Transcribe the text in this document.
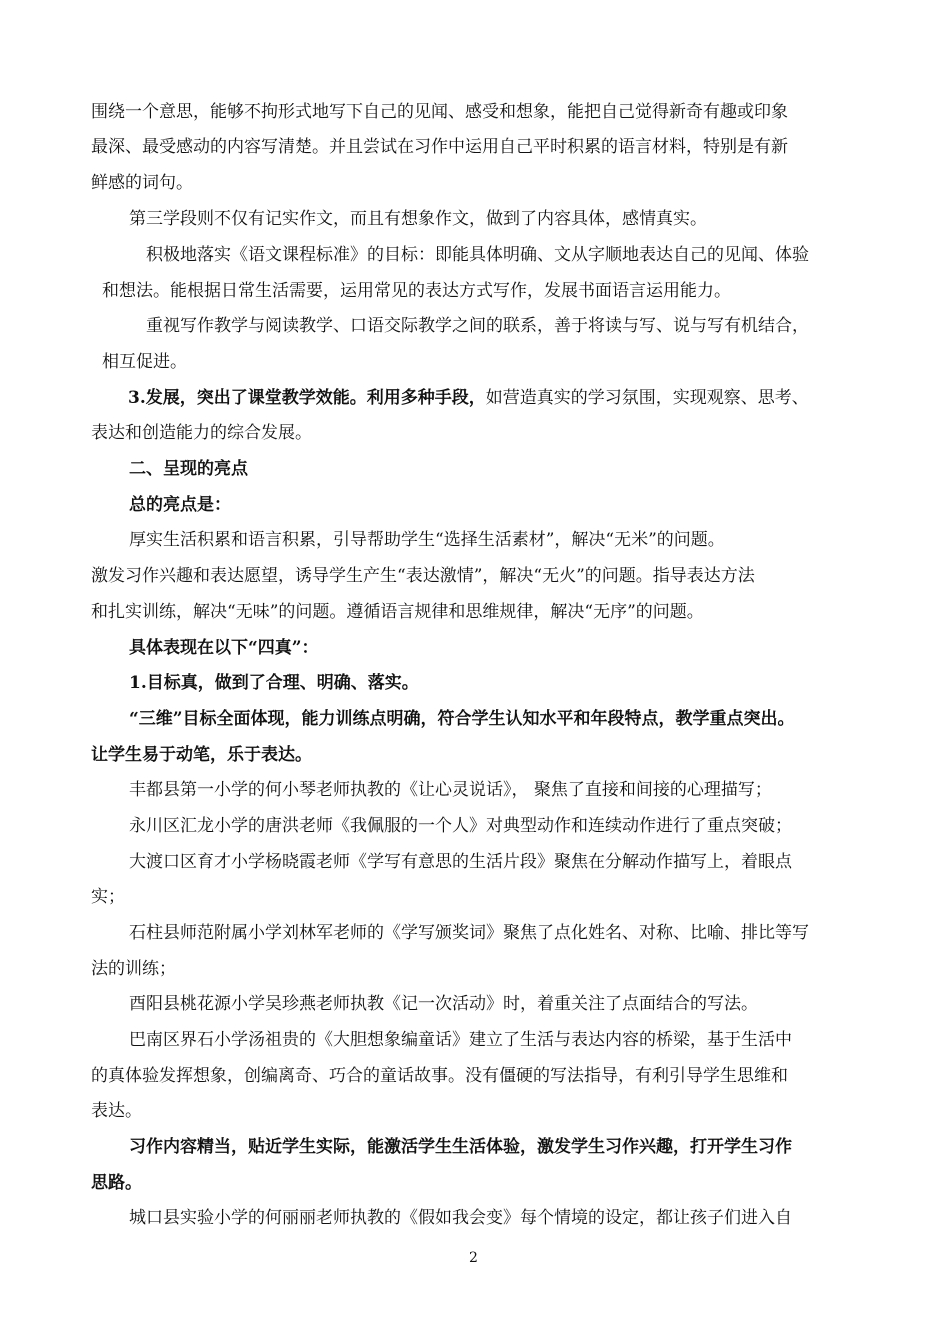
围绕一个意思，能够不拘形式地写下自己的见闻、感受和想象，能把自己觉得新奇有趣或印象
最深、最受感动的内容写清楚。并且尝试在习作中运用自己平时积累的语言材料，特别是有新
鲜感的词句。
第三学段则不仅有记实作文，而且有想象作文，做到了内容具体，感情真实。
积极地落实《语文课程标准》的目标：即能具体明确、文从字顺地表达自己的见闻、体验
和想法。能根据日常生活需要，运用常见的表达方式写作，发展书面语言运用能力。
重视写作教学与阅读教学、口语交际教学之间的联系，善于将读与写、说与写有机结合，
相互促进。
3.发展，突出了课堂教学效能。利用多种手段，如营造真实的学习氛围，实现观察、思考、
表达和创造能力的综合发展。
二、呈现的亮点
总的亮点是：
厚实生活积累和语言积累，引导帮助学生“选择生活素材”，解决“无米”的问题。
激发习作兴趣和表达愿望，诱导学生产生“表达激情”，解决“无火”的问题。指导表达方法
和扎实训练，解决“无味”的问题。遵循语言规律和思维规律，解决“无序”的问题。
具体表现在以下“四真”：
1.目标真，做到了合理、明确、落实。
“三维”目标全面体现，能力训练点明确，符合学生认知水平和年段特点，教学重点突出。
让学生易于动笔，乐于表达。
丰都县第一小学的何小琴老师执教的《让心灵说话》， 聚焦了直接和间接的心理描写；
永川区汇龙小学的唐洪老师《我佩服的一个人》对典型动作和连续动作进行了重点突破；
大渡口区育才小学杨晓霞老师《学写有意思的生活片段》聚焦在分解动作描写上，着眼点
实；
石柱县师范附属小学刘林军老师的《学写颁奖词》聚焦了点化姓名、对称、比喻、排比等写
法的训练；
酉阳县桃花源小学吴珍燕老师执教《记一次活动》时，着重关注了点面结合的写法。
巴南区界石小学汤祖贵的《大胆想象编童话》建立了生活与表达内容的桥梁，基于生活中
的真体验发挥想象，创编离奇、巧合的童话故事。没有僵硬的写法指导，有利引导学生思维和
表达。
习作内容精当，贴近学生实际，能激活学生生活体验，激发学生习作兴趣，打开学生习作
思路。
城口县实验小学的何丽丽老师执教的《假如我会变》每个情境的设定，都让孩子们进入自
2
